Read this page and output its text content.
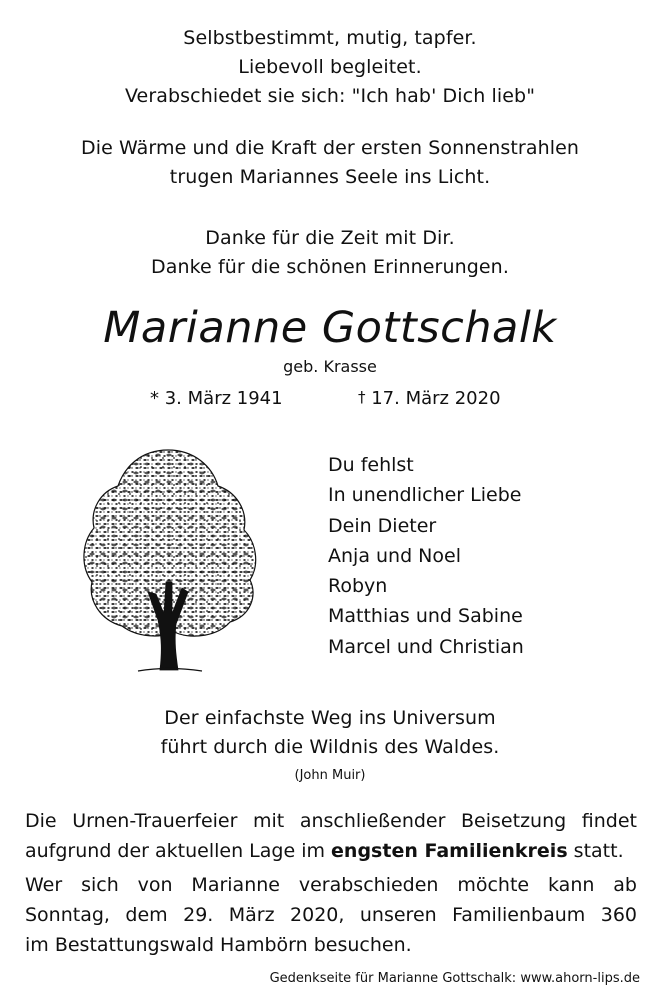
Selbstbestimmt, mutig, tapfer.
Liebevoll begleitet.
Verabschiedet sie sich: "Ich hab' Dich lieb"
Die Wärme und die Kraft der ersten Sonnenstrahlen
trugen Mariannes Seele ins Licht.
Danke für die Zeit mit Dir.
Danke für die schönen Erinnerungen.
Marianne Gottschalk
geb. Krasse
* 3. März 1941	† 17. März 2020
Du fehlst
In unendlicher Liebe
Dein Dieter
Anja und Noel
Robyn
Matthias und Sabine
Marcel und Christian
Der einfachste Weg ins Universum
führt durch die Wildnis des Waldes.
(John Muir)
Die Urnen-Trauerfeier mit anschließender Beisetzung findet
aufgrund der aktuellen Lage im engsten Familienkreis statt.
Wer sich von Marianne verabschieden möchte kann ab
Sonntag, dem 29. März 2020, unseren Familienbaum 360
im Bestattungswald Hambörn besuchen.
Gedenkseite für Marianne Gottschalk: www.ahorn-lips.de
